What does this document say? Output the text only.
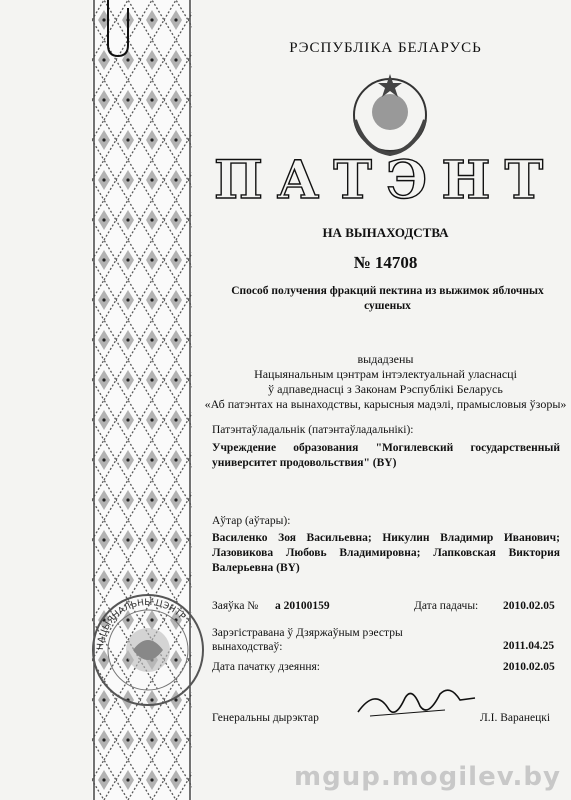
НАЦЫЯНАЛЬНЫ ЦЭНТР
РЭСПУБЛІКА БЕЛАРУСЬ
ПАТЭНТ
НА ВЫНАХОДСТВА
№ 14708
Способ получения фракций пектина из выжимок яблочных
сушеных
выдадзены
Нацыянальным цэнтрам інтэлектуальнай уласнасці
ў адпаведнасці з Законам Рэспублікі Беларусь
«Аб патэнтах на вынаходствы, карысныя мадэлі, прамысловыя ўзоры»
Патэнтаўладальнік (патэнтаўладальнікі):
Учреждение образования "Могилевский государственный университет продовольствия" (BY)
Аўтар (аўтары):
Василенко Зоя Васильевна; Никулин Владимир Иванович; Лазовикова Любовь Владимировна; Лапковская Виктория Валерьевна (BY)
Заяўка № а 20100159	Дата падачы: 2010.02.05
Зарэгістравана ў Дзяржаўным рэестры
вынаходстваў:	2011.04.25
Дата пачатку дзеяння:	2010.02.05
Генеральны дырэктар	Л.І. Варанецкі
mgup.mogilev.by
